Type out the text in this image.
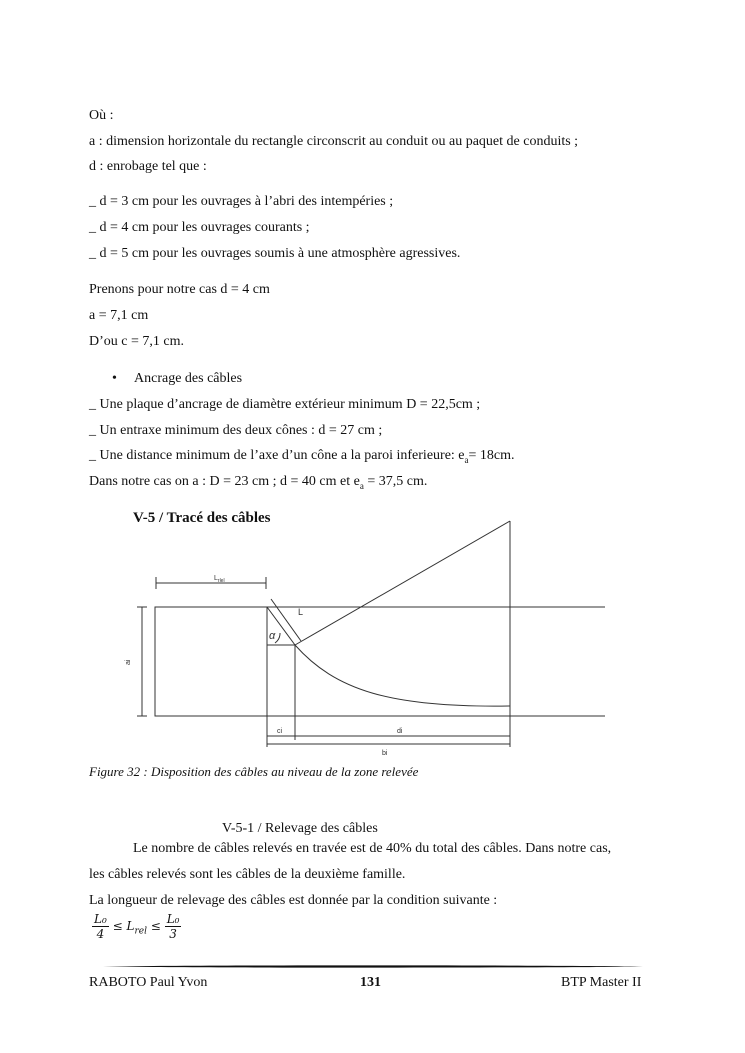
Où :
a : dimension horizontale du rectangle circonscrit au conduit ou au paquet de conduits ;
d : enrobage tel que :
_ d = 3 cm pour les ouvrages à l’abri des intempéries ;
_ d = 4 cm pour les ouvrages courants ;
_ d = 5 cm pour les ouvrages soumis à une atmosphère agressives.
Prenons pour notre cas d = 4 cm
a = 7,1 cm
D’ou c = 7,1 cm.
• Ancrage des câbles
_ Une plaque d’ancrage de diamètre extérieur minimum D = 22,5cm ;
_ Un entraxe minimum des deux cônes : d = 27 cm ;
_ Une distance minimum de l’axe d’un cône a la paroi inferieure: $e_a= 18cm$.
Dans notre cas on a : D = 23 cm ; d = 40 cm et $e_a = 37,5$ cm.
V-5 / Tracé des câbles
$L_{rlel}$
L
α
ai
ci	di
bi
Figure 32 : Disposition des câbles au niveau de la zone relevée
V-5-1 / Relevage des câbles
Le nombre de câbles relevés en travée est de 40% du total des câbles. Dans notre cas,
les câbles relevés sont les câbles de la deuxième famille.
La longueur de relevage des câbles est donnée par la condition suivante :
$\frac{\text{L₀}}{4} \le L_{rel} \le \frac{\text{L₀}}{3}$
RABOTO Paul Yvon	131	BTP Master II
